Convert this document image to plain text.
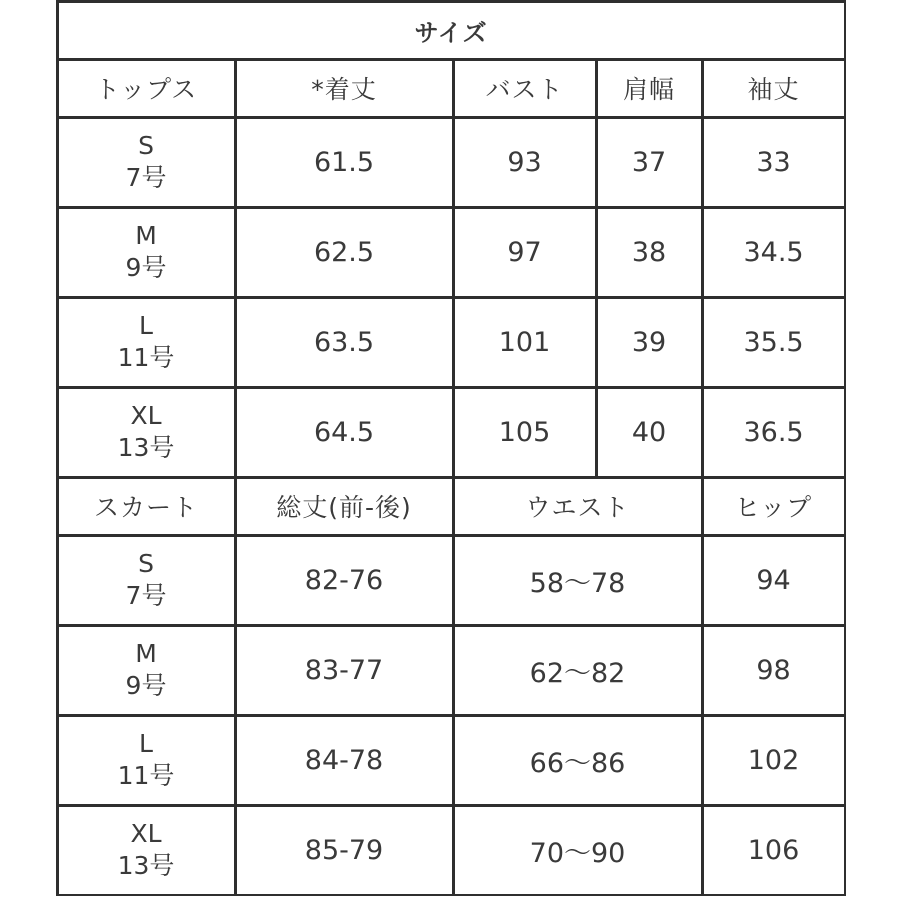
サイズ				
トップス	*着丈	バスト	肩幅	袖丈

S
7号	61.5	93	37	33

M
9号	62.5	97	38	34.5

L
11号	63.5	101	39	35.5

XL
13号	64.5	105	40	36.5
スカート	総丈(前-後)	ウエスト		ヒップ

S
7号	82-76	58〜78		94

M
9号	83-77	62〜82		98

L
11号	84-78	66〜86		102

XL
13号	85-79	70〜90		106
